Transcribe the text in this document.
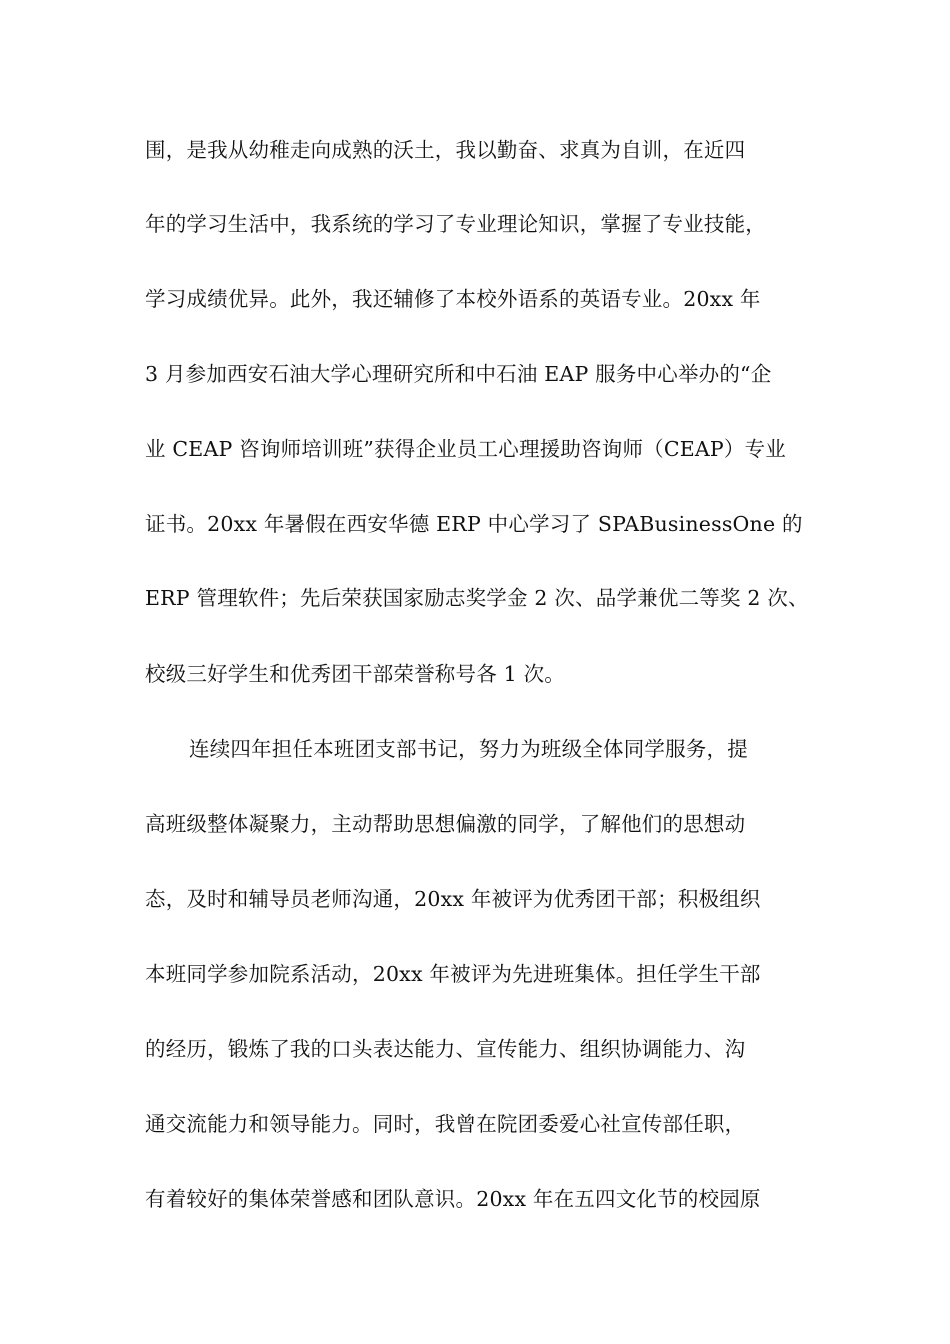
围，是我从幼稚走向成熟的沃土，我以勤奋、求真为自训，在近四
年的学习生活中，我系统的学习了专业理论知识，掌握了专业技能，
学习成绩优异。此外，我还辅修了本校外语系的英语专业。20xx 年
3 月参加西安石油大学心理研究所和中石油 EAP 服务中心举办的“企
业 CEAP 咨询师培训班”获得企业员工心理援助咨询师（CEAP）专业
证书。20xx 年暑假在西安华德 ERP 中心学习了 SPABusinessOne 的
ERP 管理软件；先后荣获国家励志奖学金 2 次、品学兼优二等奖 2 次、
校级三好学生和优秀团干部荣誉称号各 1 次。
连续四年担任本班团支部书记，努力为班级全体同学服务，提
高班级整体凝聚力，主动帮助思想偏激的同学，了解他们的思想动
态，及时和辅导员老师沟通，20xx 年被评为优秀团干部；积极组织
本班同学参加院系活动，20xx 年被评为先进班集体。担任学生干部
的经历，锻炼了我的口头表达能力、宣传能力、组织协调能力、沟
通交流能力和领导能力。同时，我曾在院团委爱心社宣传部任职，
有着较好的集体荣誉感和团队意识。20xx 年在五四文化节的校园原
